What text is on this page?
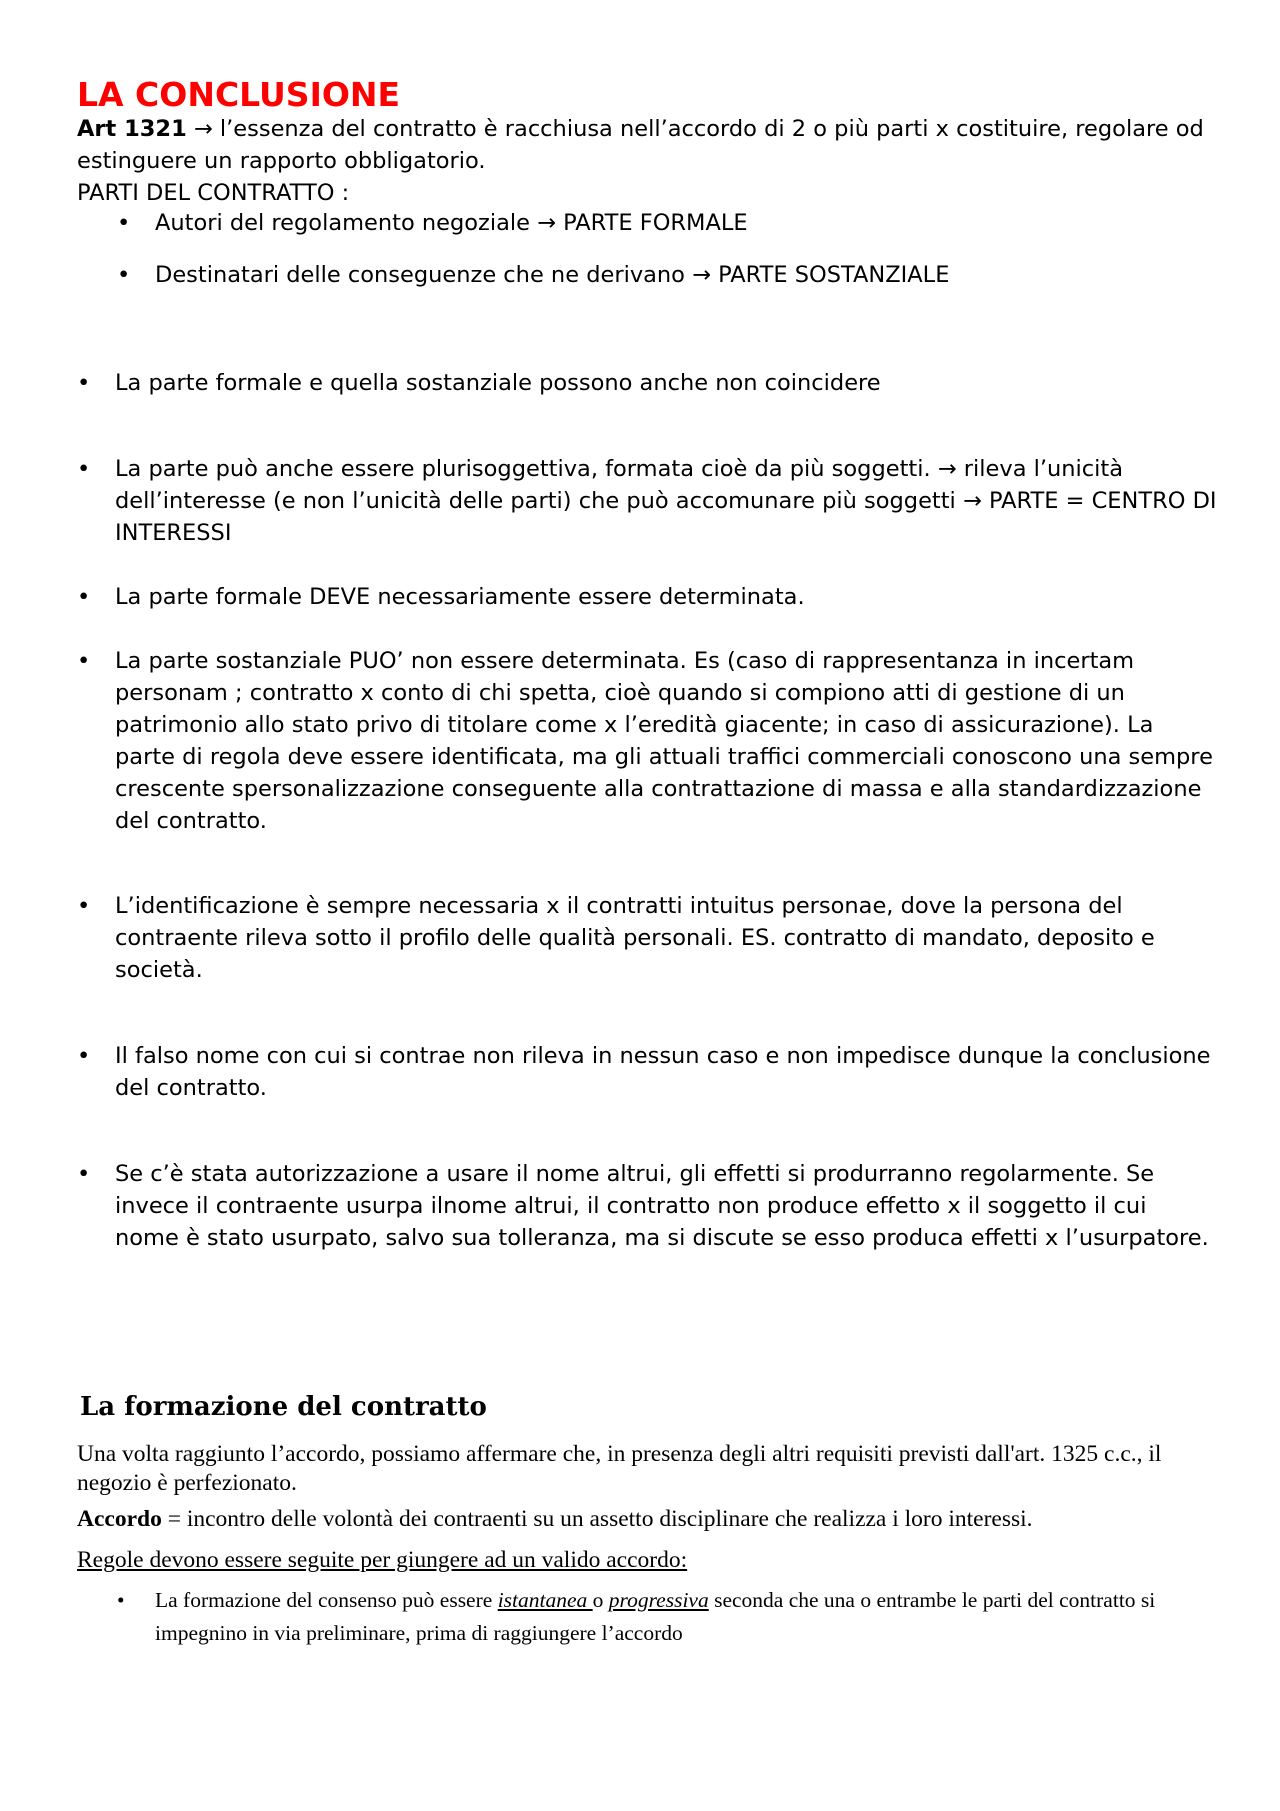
LA CONCLUSIONE

Art 1321 → l’essenza del contratto è racchiusa nell’accordo di 2 o più parti x costituire, regolare od estinguere un rapporto obbligatorio.

PARTI DEL CONTRATTO :

• Autori del regolamento negoziale → PARTE FORMALE
• Destinatari delle conseguenze che ne derivano → PARTE SOSTANZIALE
• La parte formale e quella sostanziale possono anche non coincidere
• La parte può anche essere plurisoggettiva, formata cioè da più soggetti. → rileva l’unicità dell’interesse (e non l’unicità delle parti) che può accomunare più soggetti → PARTE = CENTRO DI INTERESSI
• La parte formale DEVE necessariamente essere determinata.
• La parte sostanziale PUO’ non essere determinata. Es (caso di rappresentanza in incertam personam ; contratto x conto di chi spetta, cioè quando si compiono atti di gestione di un patrimonio allo stato privo di titolare come x l’eredità giacente; in caso di assicurazione). La parte di regola deve essere identificata, ma gli attuali traffici commerciali conoscono una sempre crescente spersonalizzazione conseguente alla contrattazione di massa e alla standardizzazione del contratto.
• L’identificazione è sempre necessaria x il contratti intuitus personae, dove la persona del contraente rileva sotto il profilo delle qualità personali. ES. contratto di mandato, deposito e società.
• Il falso nome con cui si contrae non rileva in nessun caso e non impedisce dunque la conclusione del contratto.
• Se c’è stata autorizzazione a usare il nome altrui, gli effetti si produrranno regolarmente. Se invece il contraente usurpa ilnome altrui, il contratto non produce effetto x il soggetto il cui nome è stato usurpato, salvo sua tolleranza, ma si discute se esso produca effetti x l’usurpatore.
La formazione del contratto

Una volta raggiunto l’accordo, possiamo affermare che, in presenza degli altri requisiti previsti dall'art. 1325 c.c., il negozio è perfezionato.

Accordo = incontro delle volontà dei contraenti su un assetto disciplinare che realizza i loro interessi.

Regole devono essere seguite per giungere ad un valido accordo:

• La formazione del consenso può essere istantanea o progressiva seconda che una o entrambe le parti del contratto si impegnino in via preliminare, prima di raggiungere l’accordo
